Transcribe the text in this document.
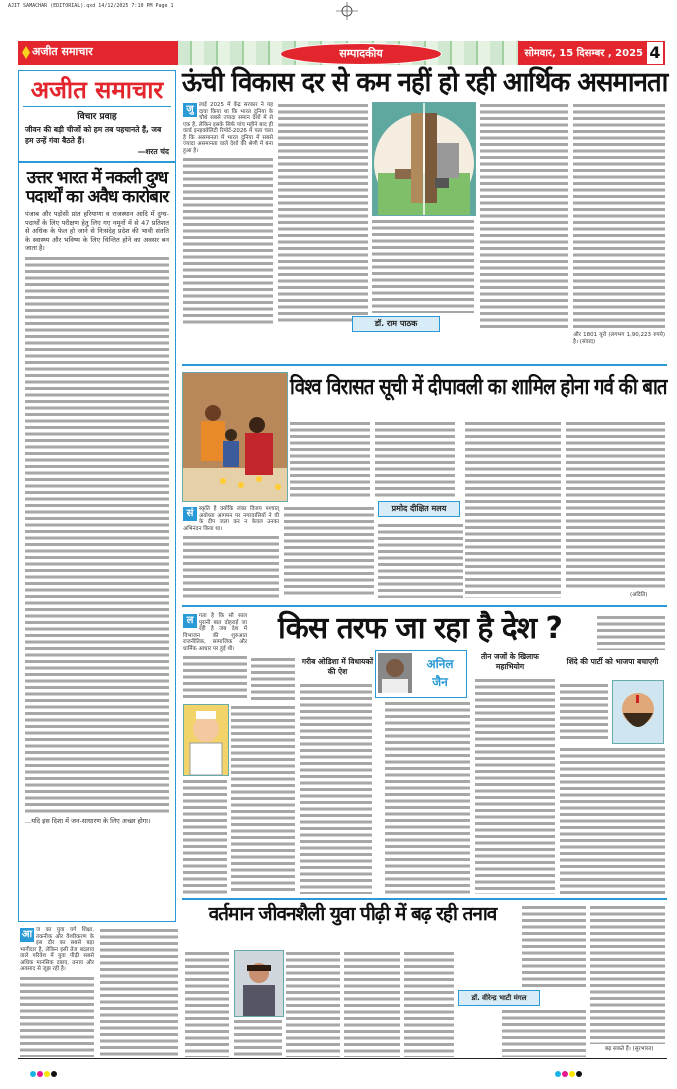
AJIT SAMACHAR (EDITORIAL).qxd 14/12/2025 7:10 PM Page 1
अजीत समाचार	सम्पादकीय	सोमवार, 15 दिसम्बर , 2025 4
अजीत समाचार
विचार प्रवाह
जीवन की बड़ी चीजों को हम तब पहचानते हैं, जब हम उन्हें गंवा बैठते हैं।
—शरत चंद
उत्तर भारत में नकली दुग्ध पदार्थों का अवैध कारोबार
पंजाब और पड़ोसी प्रांत हरियाणा व राजस्थान आदि में दुग्ध-पदार्थों के लिए परीक्षण हेतु लिए गए नमूनों में से 47 प्रतिशत से अधिक के फेल हो जाने से निःसंदेह प्रदेश की भावी संतति के स्वास्थ्य और भविष्य के लिए चिन्तित होने का अवसर बन जाता है।
...यदि इस दिशा में जन-साधारण के लिए अच्छा होगा।
ऊंची विकास दर से कम नहीं हो रही आर्थिक असमानता
जु लाई 2025 में केंद्र सरकार ने यह दावा किया था कि भारत दुनिया के चौथे सबसे ज्यादा समान देशों में से एक है, लेकिन इसके सिर्फ पांच महीने बाद ही वर्ल्ड इनइक्वेलिटी रिपोर्ट-2026 में पता चला है कि असमानता में भारत दुनिया में सबसे ज्यादा असमानता वाले देशों की श्रेणी में बना हुआ है।
डॉ. राम पाठक
और 1801 यूरो (लगभग 1,90,223 रुपये) है। (संवाद)
विश्व विरासत सूची में दीपावली का शामिल होना गर्व की बात
सं	स्कृति है क्योंकि लंका विजय पश्चात् अयोध्या आगमन पर नगरवासियों ने घी के दीप जला कर न केवल उनका अभिनंदन किया था।
प्रमोद दीक्षित मलय
(अदिति)
ल	गता है कि सौ साल पुरानी बात दोहराई जा रही है जब देश में विभाजन की शुरुआत राजनीतिक, सामाजिक और धार्मिक आधार पर हुई थी।
किस तरफ जा रहा है देश ?
गरीब ओडिशा में विधायकों की ऐश
अनिल
जैन
तीन जजों के खिलाफ महाभियोग
शिंदे की पार्टी को भाजपा बचाएगी
आ ज का युवा वर्ग शिक्षा, तकनीक और वैश्वीकरण के इस दौर का सबसे बड़ा भागीदार है, लेकिन इसी तेज बदलाव वाले परिवेश में युवा पीढ़ी सबसे अधिक मानसिक दबाव, तनाव और अवसाद से जूझ रही है।
वर्तमान जीवनशैली युवा पीढ़ी में बढ़ रही तनाव
डॉ. वीरेन्द्र भाटी मंगल
बढ़ सकते हैं। (सुरभारत)
